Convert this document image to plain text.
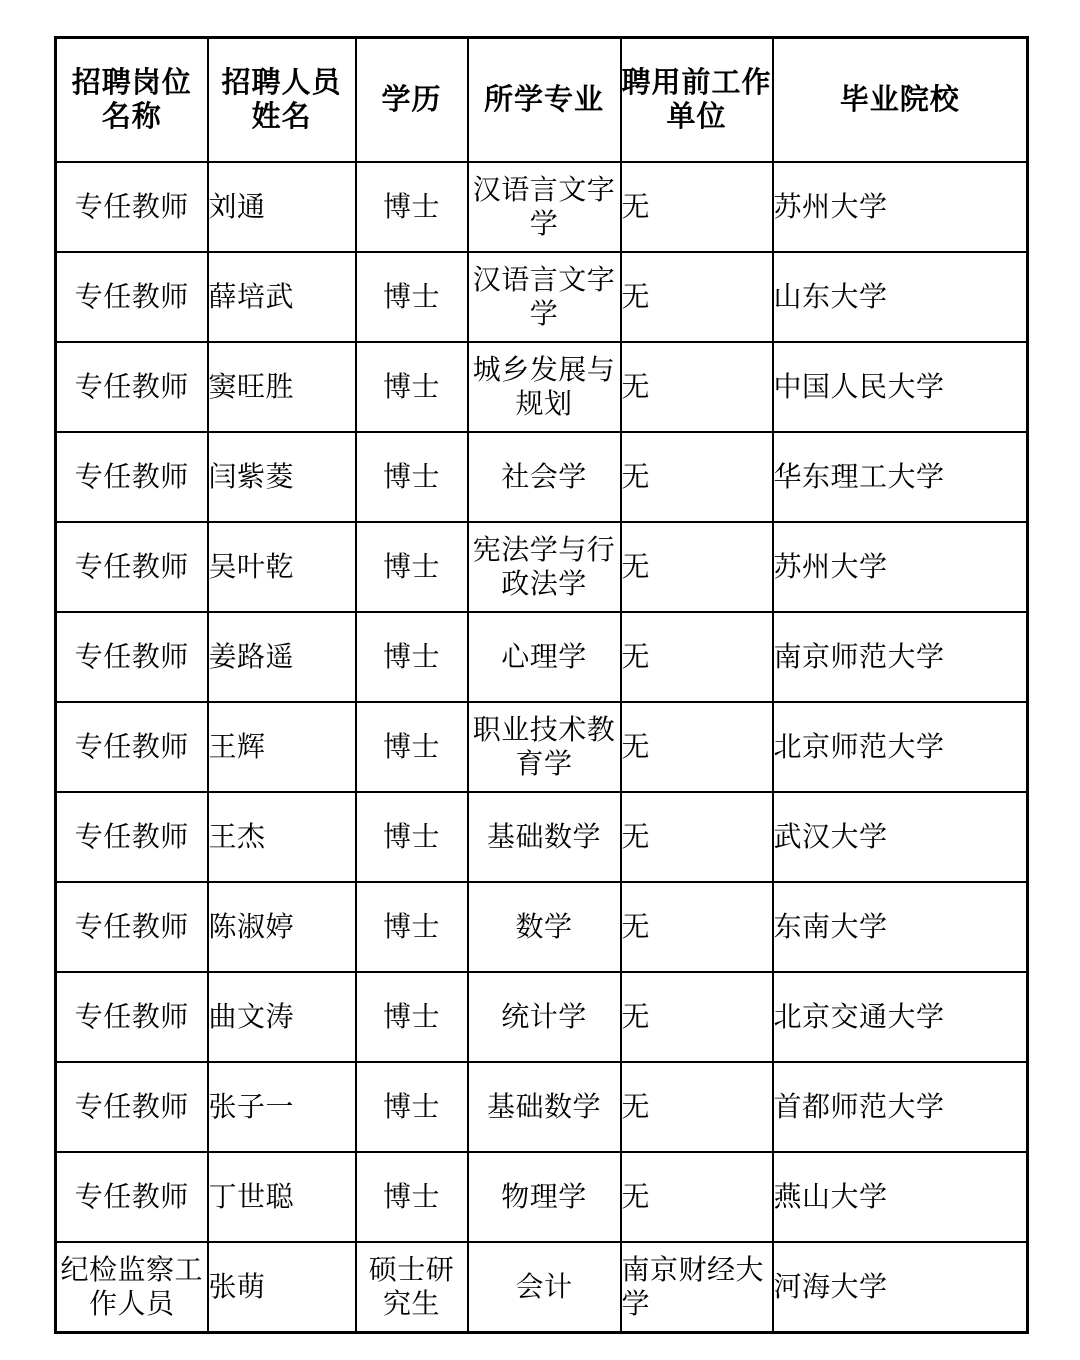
招聘岗位名称	招聘人员姓名	学历	所学专业	聘用前工作单位	毕业院校
专任教师	刘通	博士	汉语言文字学	无	苏州大学
专任教师	薛培武	博士	汉语言文字学	无	山东大学
专任教师	窦旺胜	博士	城乡发展与规划	无	中国人民大学
专任教师	闫紫菱	博士	社会学	无	华东理工大学
专任教师	吴叶乾	博士	宪法学与行政法学	无	苏州大学
专任教师	姜路遥	博士	心理学	无	南京师范大学
专任教师	王辉	博士	职业技术教育学	无	北京师范大学
专任教师	王杰	博士	基础数学	无	武汉大学
专任教师	陈淑婷	博士	数学	无	东南大学
专任教师	曲文涛	博士	统计学	无	北京交通大学
专任教师	张子一	博士	基础数学	无	首都师范大学
专任教师	丁世聪	博士	物理学	无	燕山大学
纪检监察工作人员	张萌	硕士研究生	会计	南京财经大学	河海大学
